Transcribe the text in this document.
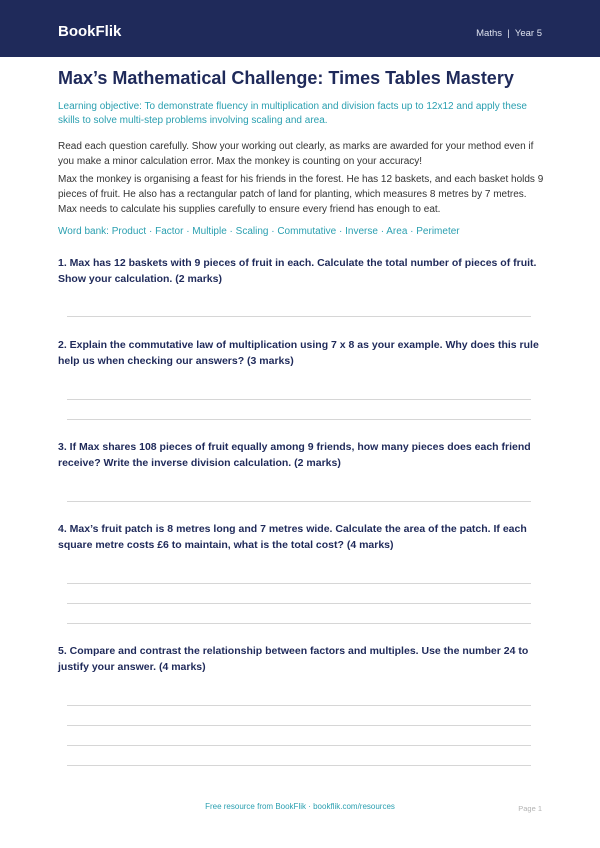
BookFlik	Maths | Year 5
Max’s Mathematical Challenge: Times Tables Mastery
Learning objective: To demonstrate fluency in multiplication and division facts up to 12x12 and apply these skills to solve multi-step problems involving scaling and area.
Read each question carefully. Show your working out clearly, as marks are awarded for your method even if you make a minor calculation error. Max the monkey is counting on your accuracy!
Max the monkey is organising a feast for his friends in the forest. He has 12 baskets, and each basket holds 9 pieces of fruit. He also has a rectangular patch of land for planting, which measures 8 metres by 7 metres. Max needs to calculate his supplies carefully to ensure every friend has enough to eat.
Word bank: Product · Factor · Multiple · Scaling · Commutative · Inverse · Area · Perimeter
1. Max has 12 baskets with 9 pieces of fruit in each. Calculate the total number of pieces of fruit. Show your calculation. (2 marks)
2. Explain the commutative law of multiplication using 7 x 8 as your example. Why does this rule help us when checking our answers? (3 marks)
3. If Max shares 108 pieces of fruit equally among 9 friends, how many pieces does each friend receive? Write the inverse division calculation. (2 marks)
4. Max’s fruit patch is 8 metres long and 7 metres wide. Calculate the area of the patch. If each square metre costs £6 to maintain, what is the total cost? (4 marks)
5. Compare and contrast the relationship between factors and multiples. Use the number 24 to justify your answer. (4 marks)
Free resource from BookFlik · bookflik.com/resources	Page 1
